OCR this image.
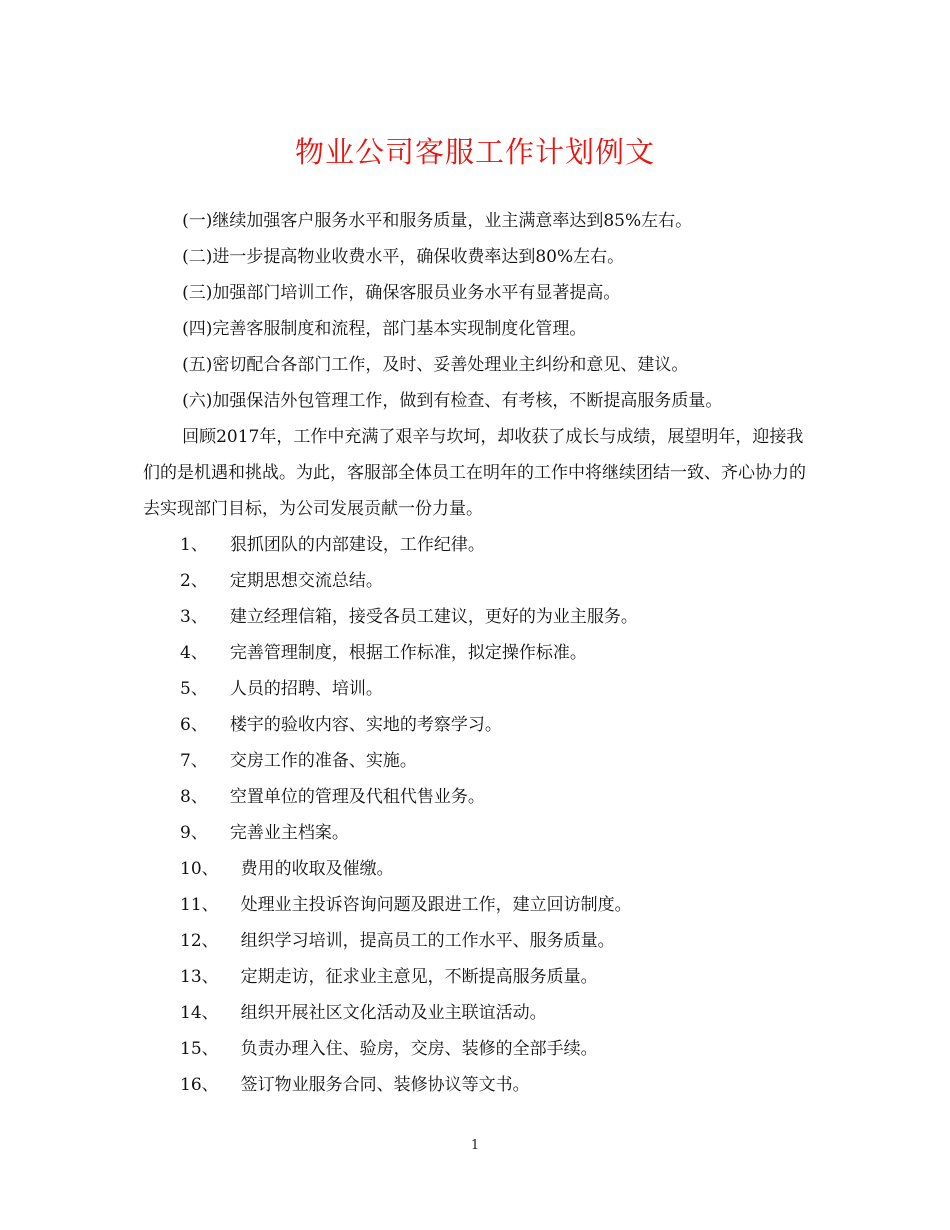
物业公司客服工作计划例文

(一)继续加强客户服务水平和服务质量，业主满意率达到85%左右。

(二)进一步提高物业收费水平，确保收费率达到80%左右。

(三)加强部门培训工作，确保客服员业务水平有显著提高。

(四)完善客服制度和流程，部门基本实现制度化管理。

(五)密切配合各部门工作，及时、妥善处理业主纠纷和意见、建议。

(六)加强保洁外包管理工作，做到有检查、有考核，不断提高服务质量。

回顾2017年，工作中充满了艰辛与坎坷，却收获了成长与成绩，展望明年，迎接我们的是机遇和挑战。为此，客服部全体员工在明年的工作中将继续团结一致、齐心协力的去实现部门目标，为公司发展贡献一份力量。

1、 狠抓团队的内部建设，工作纪律。

2、 定期思想交流总结。

3、 建立经理信箱，接受各员工建议，更好的为业主服务。

4、 完善管理制度，根据工作标准，拟定操作标准。

5、 人员的招聘、培训。

6、 楼宇的验收内容、实地的考察学习。

7、 交房工作的准备、实施。

8、 空置单位的管理及代租代售业务。

9、 完善业主档案。

10、 费用的收取及催缴。

11、 处理业主投诉咨询问题及跟进工作，建立回访制度。

12、 组织学习培训，提高员工的工作水平、服务质量。

13、 定期走访，征求业主意见，不断提高服务质量。

14、 组织开展社区文化活动及业主联谊活动。

15、 负责办理入住、验房，交房、装修的全部手续。

16、 签订物业服务合同、装修协议等文书。

1
